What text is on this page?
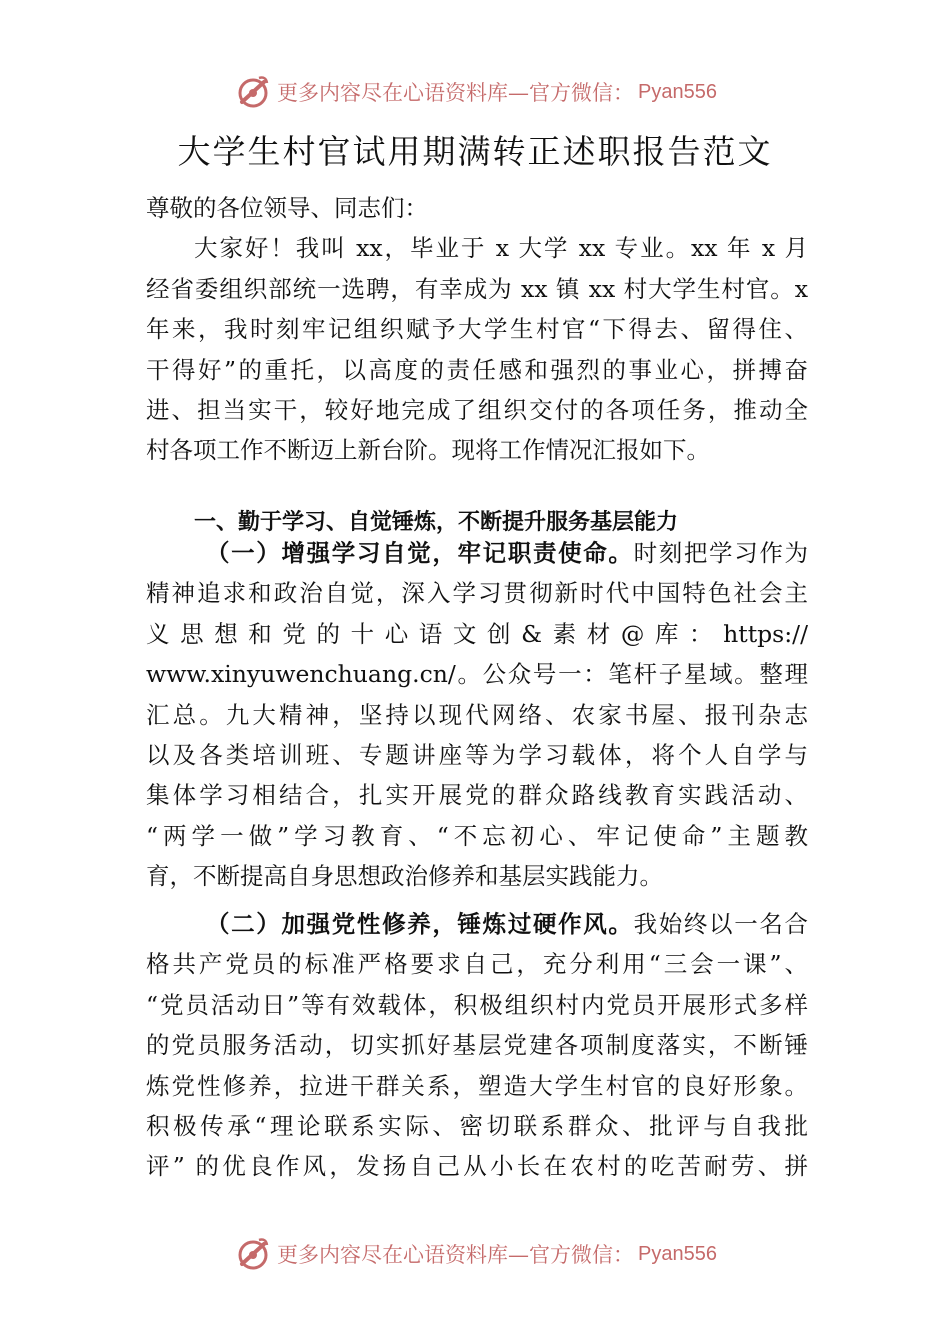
更多内容尽在心语资料库—官方微信： Pyan556
大学生村官试用期满转正述职报告范文
尊敬的各位领导、同志们：
大家好！我叫 xx，毕业于 x 大学 xx 专业。xx 年 x 月
经省委组织部统一选聘，有幸成为 xx 镇 xx 村大学生村官。x
年来，我时刻牢记组织赋予大学生村官“下得去、留得住、
干得好”的重托，以高度的责任感和强烈的事业心，拼搏奋
进、担当实干，较好地完成了组织交付的各项任务，推动全
村各项工作不断迈上新台阶。现将工作情况汇报如下。
一、勤于学习、自觉锤炼，不断提升服务基层能力
（一）增强学习自觉，牢记职责使命。时刻把学习作为
精神追求和政治自觉，深入学习贯彻新时代中国特色社会主
义思想和党的十心语文创&素材@库：https://
www.xinyuwenchuang.cn/。公众号一：笔杆子星域。整理
汇总。九大精神，坚持以现代网络、农家书屋、报刊杂志
以及各类培训班、专题讲座等为学习载体，将个人自学与
集体学习相结合，扎实开展党的群众路线教育实践活动、
“两学一做”学习教育、“不忘初心、牢记使命”主题教
育，不断提高自身思想政治修养和基层实践能力。
（二）加强党性修养，锤炼过硬作风。我始终以一名合
格共产党员的标准严格要求自己，充分利用“三会一课”、
“党员活动日”等有效载体，积极组织村内党员开展形式多样
的党员服务活动，切实抓好基层党建各项制度落实，不断锤
炼党性修养，拉进干群关系，塑造大学生村官的良好形象。
积极传承“理论联系实际、密切联系群众、批评与自我批
评” 的优良作风，发扬自己从小长在农村的吃苦耐劳、拼
更多内容尽在心语资料库—官方微信： Pyan556
